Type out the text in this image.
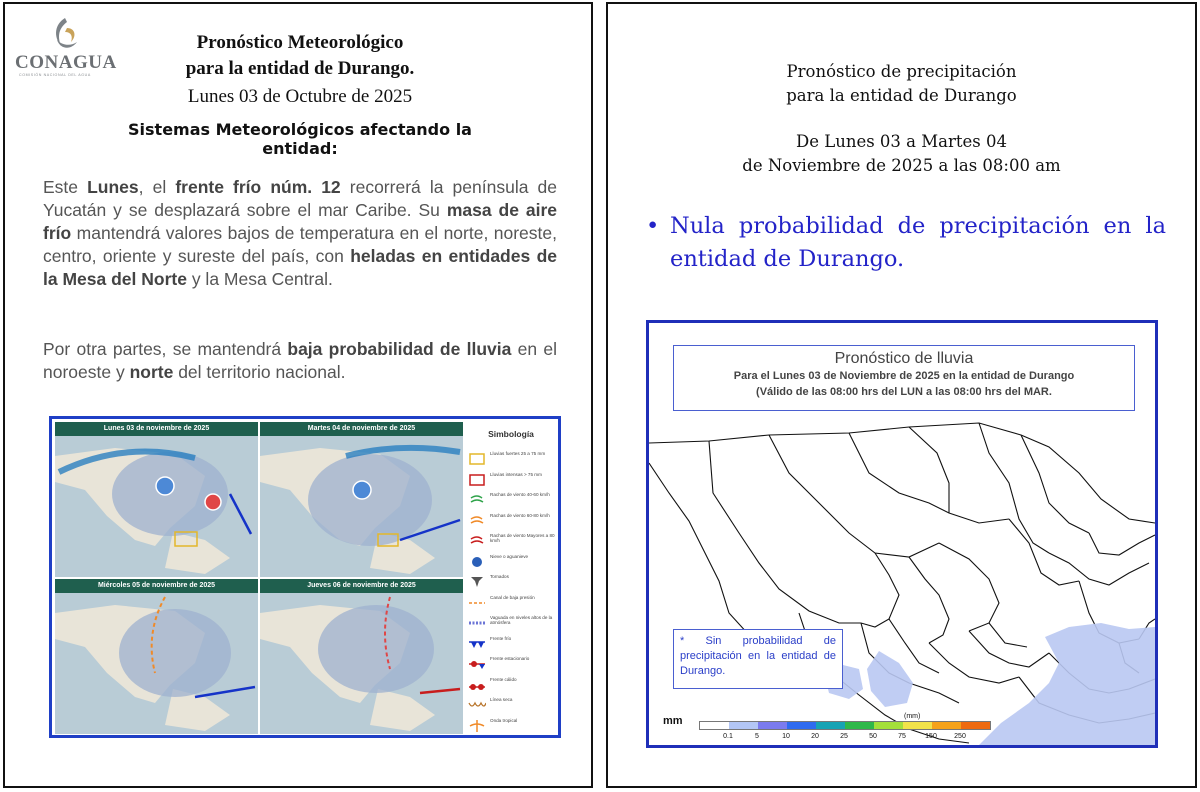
CONAGUA
COMISIÓN NACIONAL DEL AGUA
Pronóstico Meteorológico
para la entidad de Durango.
Lunes 03 de Octubre de 2025
Sistemas Meteorológicos afectando la entidad:

Este Lunes, el frente frío núm. 12 recorrerá la península de Yucatán y se desplazará sobre el mar Caribe. Su masa de aire frío mantendrá valores bajos de temperatura en el norte, noreste, centro, oriente y sureste del país, con heladas en entidades de la Mesa del Norte y la Mesa Central.

Por otra partes, se mantendrá baja probabilidad de lluvia en el noroeste y norte del territorio nacional.

Lunes 03 de noviembre de 2025	Martes 04 de noviembre de 2025
Miércoles 05 de noviembre de 2025	Jueves 06 de noviembre de 2025
Simbología
Lluvias fuertes 25 a 75 mm
Lluvias intensas > 75 mm
Rachas de viento 40-60 km/h
Rachas de viento 60-80 km/h
Rachas de viento Mayores a 80 km/h
Nieve o aguanieve
Tornados
Canal de baja presión
Vaguada en niveles altos de la atmósfera
Frente frío
Frente estacionario
Frente cálido
Línea seca
Onda tropical
Pronóstico de precipitación
para la entidad de Durango
De Lunes 03 a Martes 04
de Noviembre de 2025 a las 08:00 am
• Nula probabilidad de precipitación en la entidad de Durango.
Pronóstico de lluvia
Para el Lunes 03 de Noviembre de 2025 en la entidad de Durango
(Válido de las 08:00 hrs del LUN a las 08:00 hrs del MAR.
* Sin probabilidad de precipitación en la entidad de Durango.
mm	(mm)
0.1	5	10	20	25	50	75	150 250
